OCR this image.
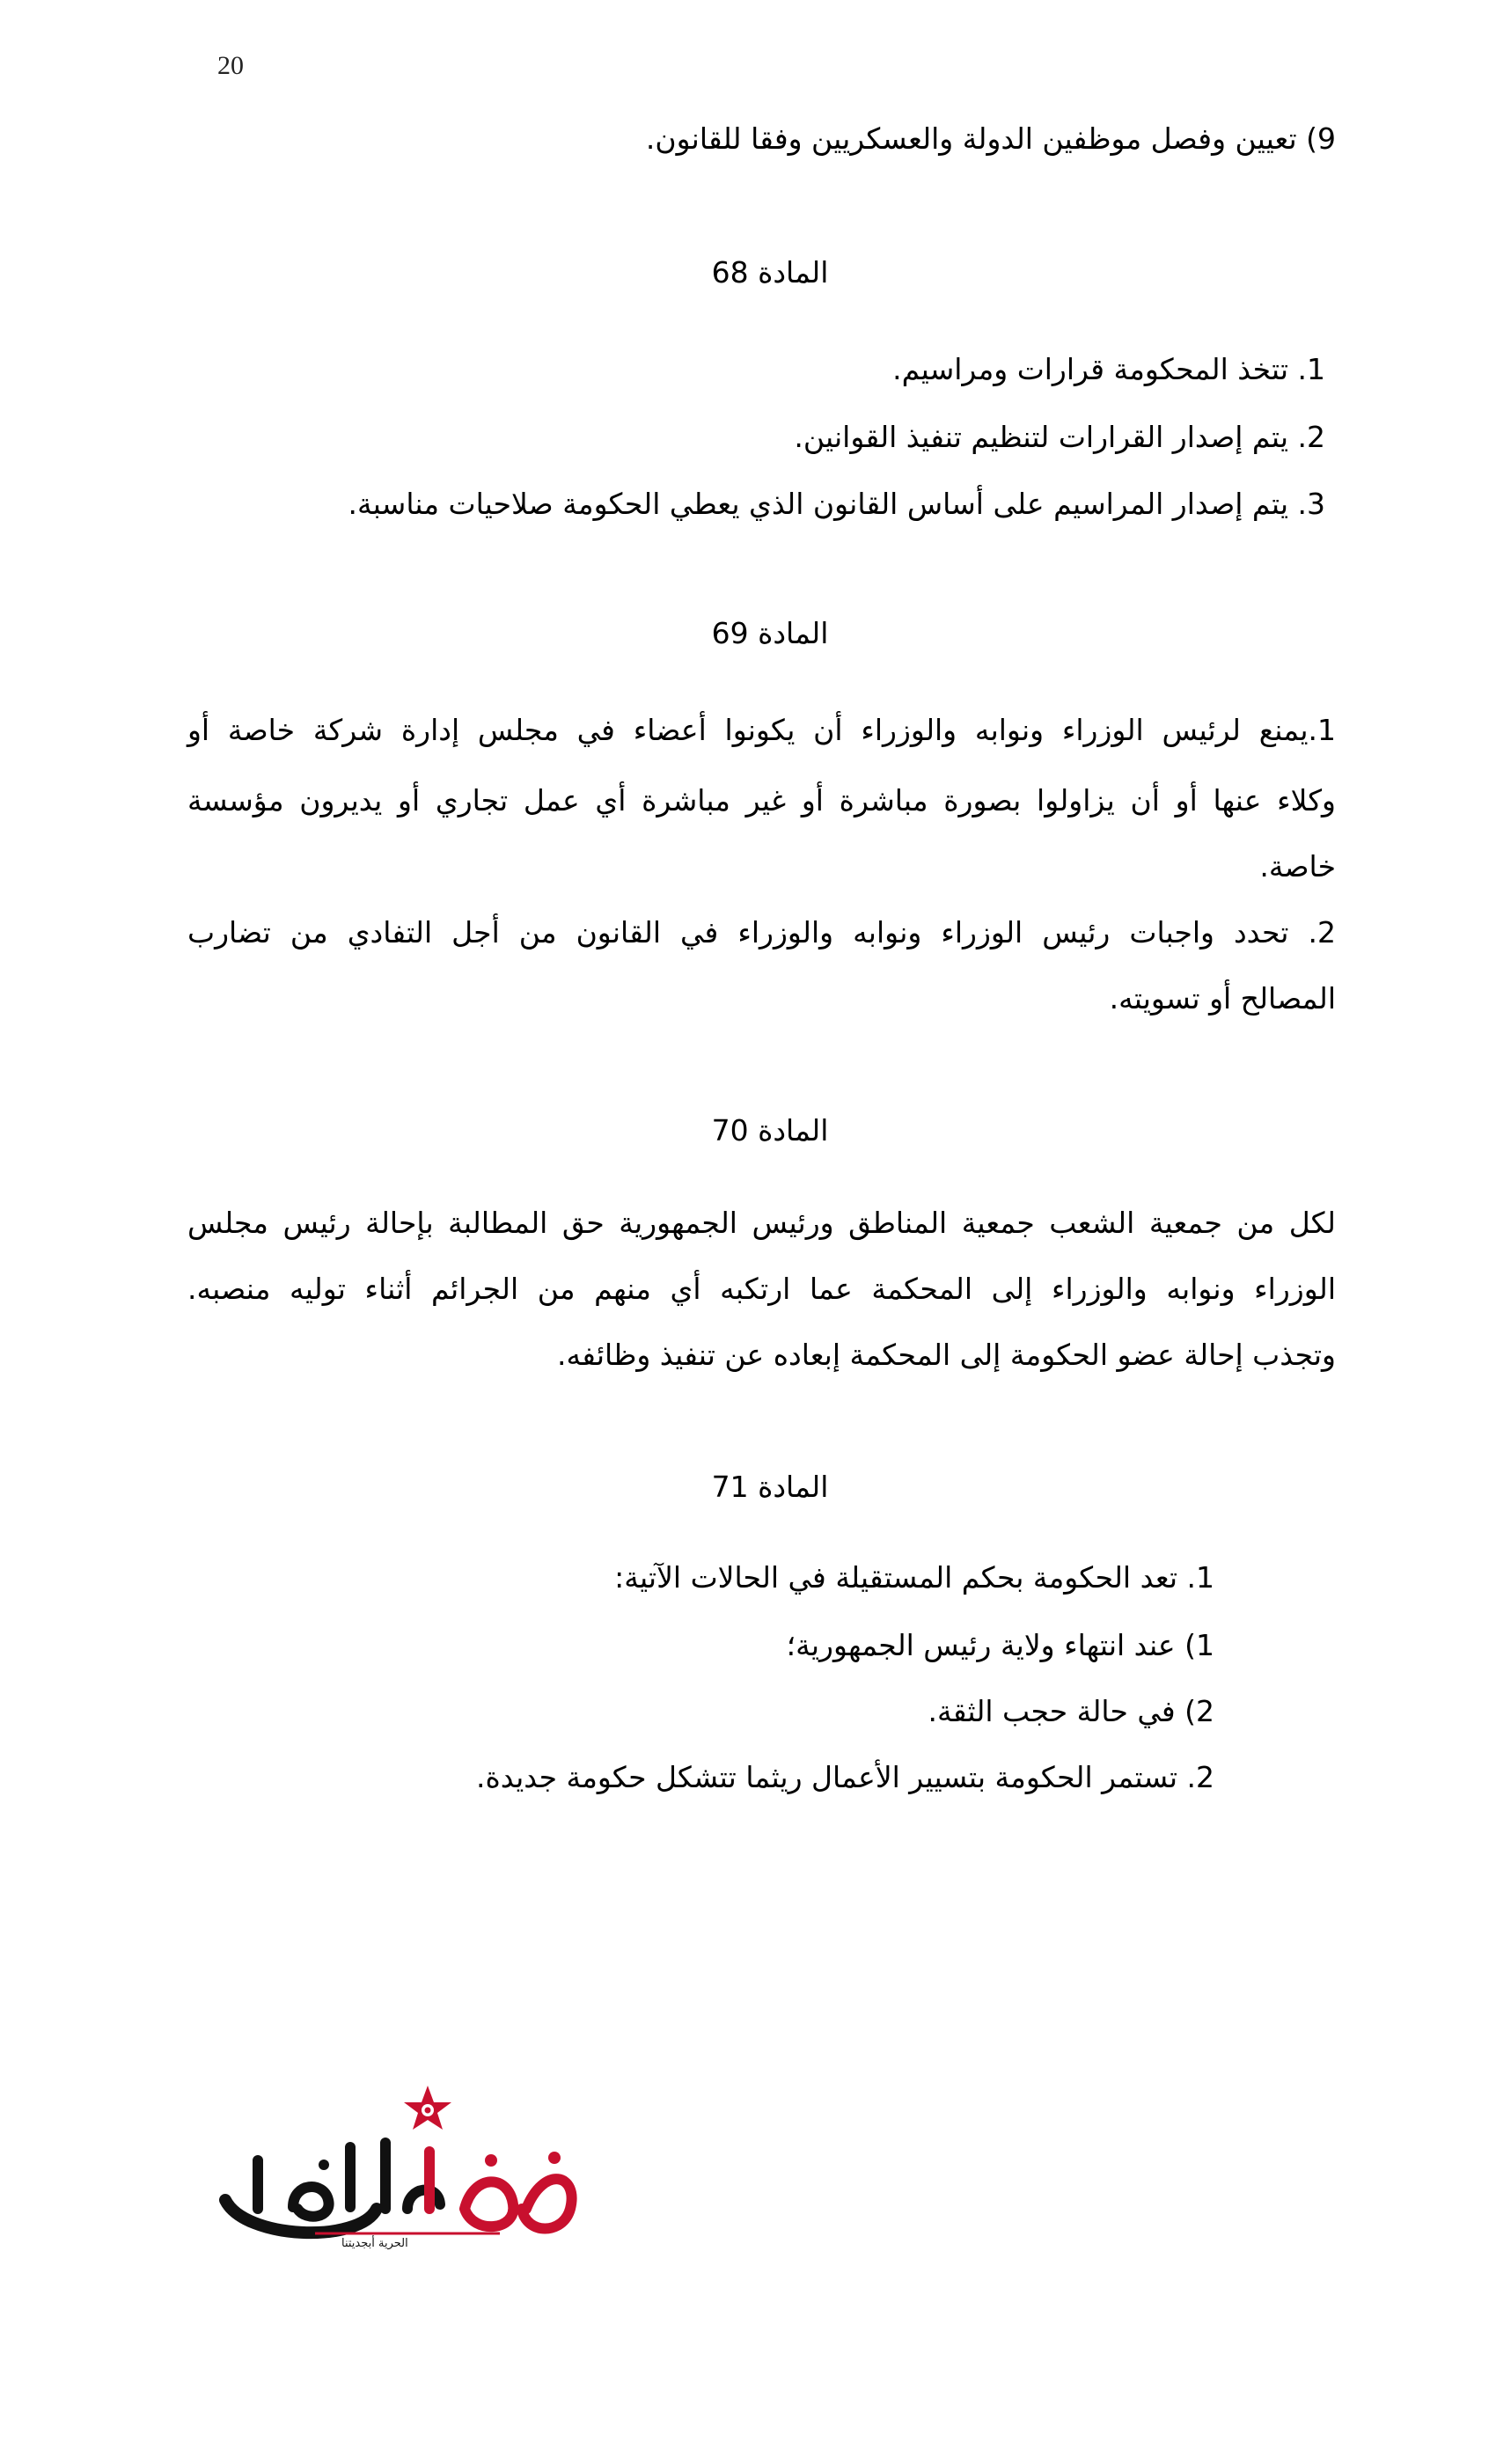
20
9) تعيين وفصل موظفين الدولة والعسكريين وفقا للقانون.
المادة 68
1. تتخذ المحكومة قرارات ومراسيم.
2. يتم إصدار القرارات لتنظيم تنفيذ القوانين.
3. يتم إصدار المراسيم على أساس القانون الذي يعطي الحكومة صلاحيات مناسبة.
المادة 69
1.يمنع لرئيس الوزراء ونوابه والوزراء أن يكونوا أعضاء في مجلس إدارة شركة خاصة أو
وكلاء عنها أو أن يزاولوا بصورة مباشرة أو غير مباشرة أي عمل تجاري أو يديرون مؤسسة
خاصة.
2. تحدد واجبات رئيس الوزراء ونوابه والوزراء في القانون من أجل التفادي من تضارب
المصالح أو تسويته.
المادة 70
لكل من جمعية الشعب جمعية المناطق ورئيس الجمهورية حق المطالبة بإحالة رئيس مجلس
الوزراء ونوابه والوزراء إلى المحكمة عما ارتكبه أي منهم من الجرائم أثناء توليه منصبه.
وتجذب إحالة عضو الحكومة إلى المحكمة إبعاده عن تنفيذ وظائفه.
المادة 71
1. تعد الحكومة بحكم المستقيلة في الحالات الآتية:
1) عند انتهاء ولاية رئيس الجمهورية؛
2) في حالة حجب الثقة.
2. تستمر الحكومة بتسيير الأعمال ريثما تتشكل حكومة جديدة.
الحرية أبجديتنا
